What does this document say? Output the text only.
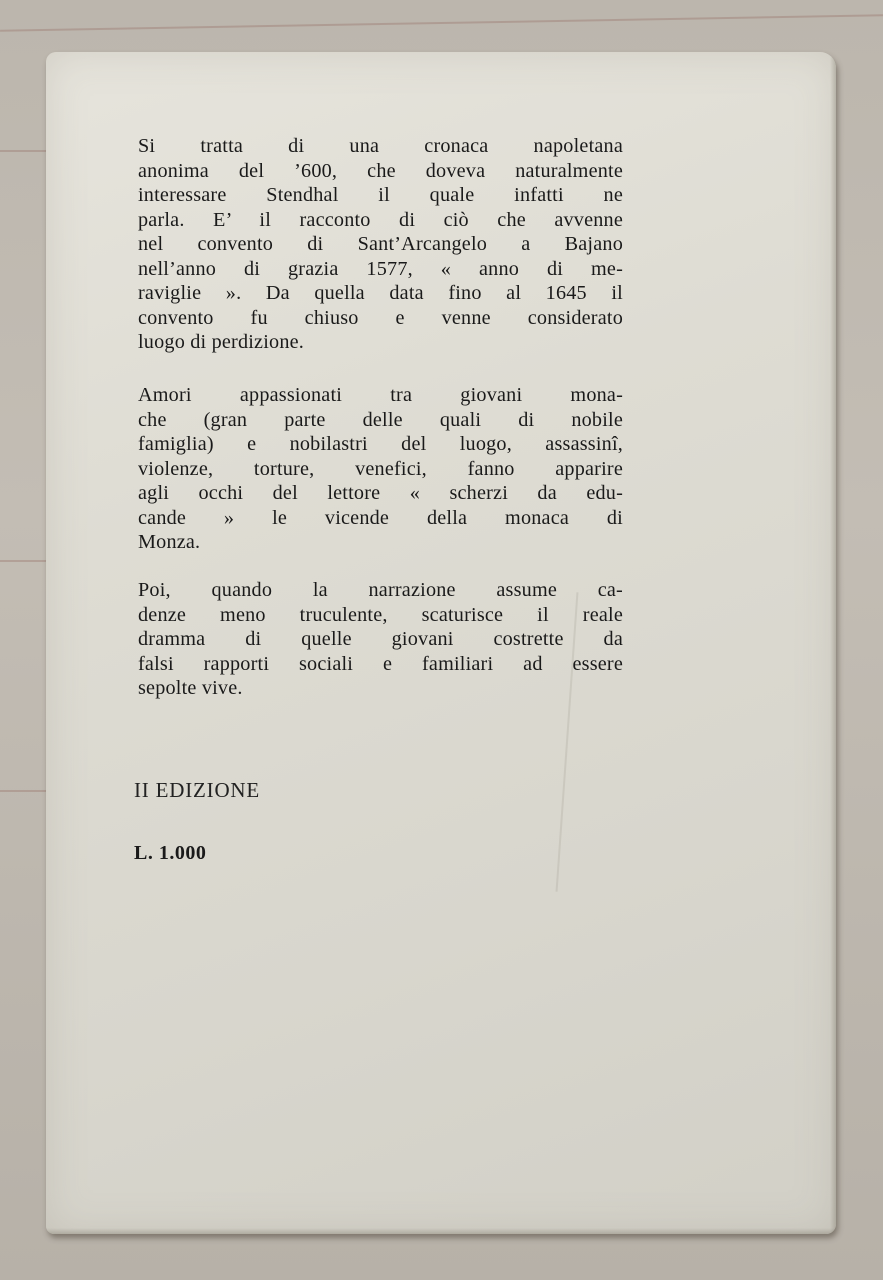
Si tratta di una cronaca napoletana
anonima del ’600, che doveva naturalmente
interessare Stendhal il quale infatti ne
parla. E’ il racconto di ciò che avvenne
nel convento di Sant’Arcangelo a Bajano
nell’anno di grazia 1577, « anno di me-
raviglie ». Da quella data fino al 1645 il
convento fu chiuso e venne considerato
luogo di perdizione.

Amori appassionati tra giovani mona-
che (gran parte delle quali di nobile
famiglia) e nobilastri del luogo, assassinî,
violenze, torture, venefici, fanno apparire
agli occhi del lettore « scherzi da edu-
cande » le vicende della monaca di
Monza.

Poi, quando la narrazione assume ca-
denze meno truculente, scaturisce il reale
dramma di quelle giovani costrette da
falsi rapporti sociali e familiari ad essere
sepolte vive.

II EDIZIONE

L. 1.000
